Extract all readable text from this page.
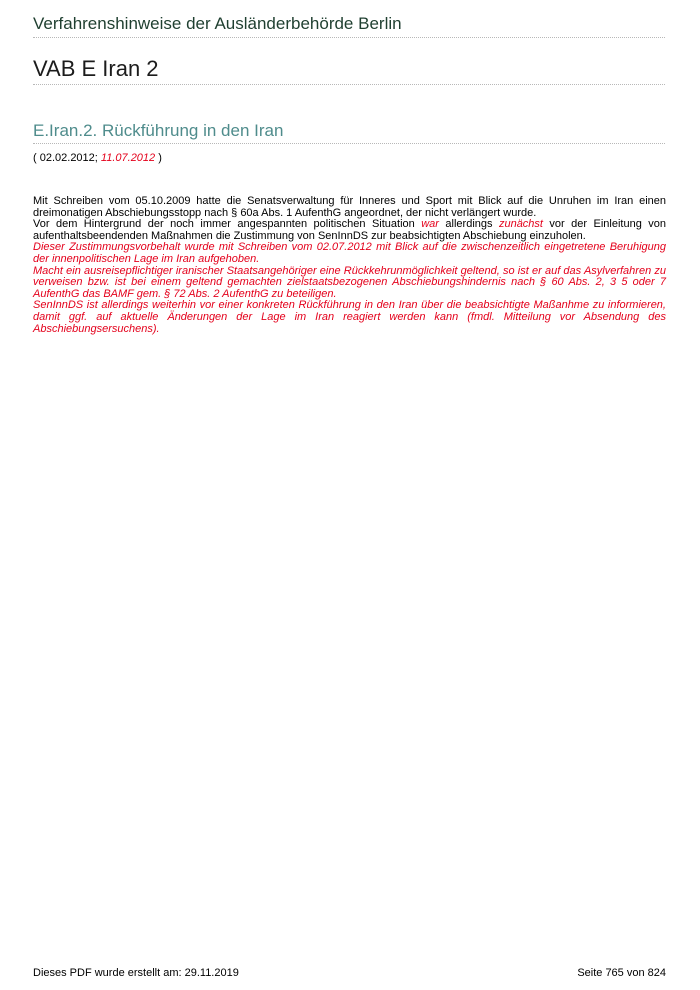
Verfahrenshinweise der Ausländerbehörde Berlin
VAB E Iran 2
E.Iran.2. Rückführung in den Iran
( 02.02.2012; 11.07.2012 )

Mit Schreiben vom 05.10.2009 hatte die Senatsverwaltung für Inneres und Sport mit Blick auf die Unruhen im Iran einen dreimonatigen Abschiebungsstopp nach § 60a Abs. 1 AufenthG angeordnet, der nicht verlängert wurde.

Vor dem Hintergrund der noch immer angespannten politischen Situation war allerdings zunächst vor der Einleitung von aufenthaltsbeendenden Maßnahmen die Zustimmung von SenInnDS zur beabsichtigten Abschiebung einzuholen.

Dieser Zustimmungsvorbehalt wurde mit Schreiben vom 02.07.2012 mit Blick auf die zwischenzeitlich eingetretene Beruhigung der innenpolitischen Lage im Iran aufgehoben.

Macht ein ausreisepflichtiger iranischer Staatsangehöriger eine Rückkehrunmöglichkeit geltend, so ist er auf das Asylverfahren zu verweisen bzw. ist bei einem geltend gemachten zielstaatsbezogenen Abschiebungshindernis nach § 60 Abs. 2, 3 5 oder 7 AufenthG das BAMF gem. § 72 Abs. 2 AufenthG zu beteiligen.

SenInnDS ist allerdings weiterhin vor einer konkreten Rückführung in den Iran über die beabsichtigte Maßanhme zu informieren, damit ggf. auf aktuelle Änderungen der Lage im Iran reagiert werden kann (fmdl. Mitteilung vor Absendung des Abschiebungsersuchens).

Dieses PDF wurde erstellt am: 29.11.2019	Seite 765 von 824
